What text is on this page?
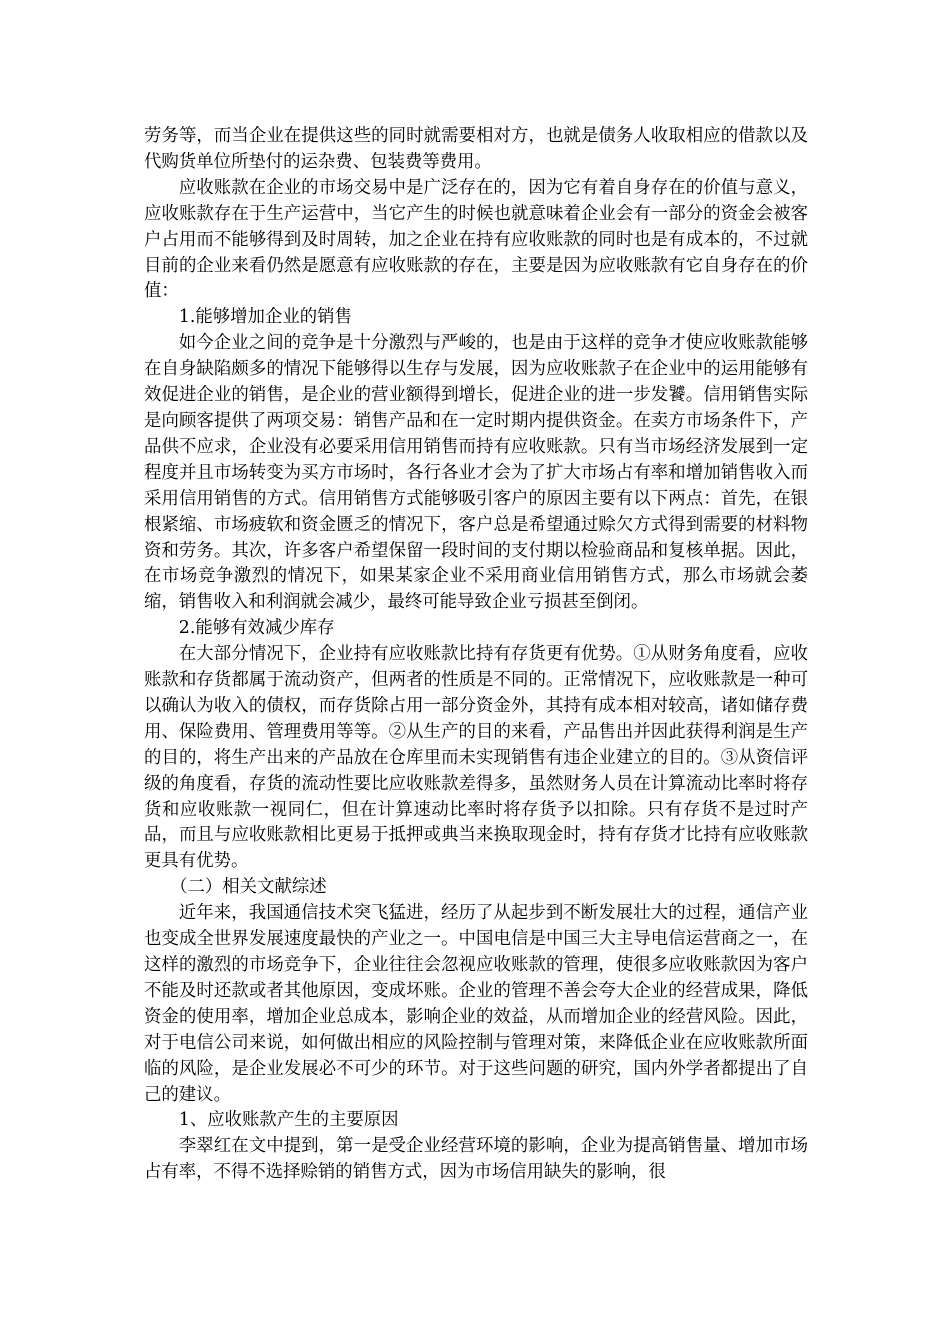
劳务等，而当企业在提供这些的同时就需要相对方，也就是债务人收取相应的借款以及代购货单位所垫付的运杂费、包装费等费用。

应收账款在企业的市场交易中是广泛存在的，因为它有着自身存在的价值与意义，应收账款存在于生产运营中，当它产生的时候也就意味着企业会有一部分的资金会被客户占用而不能够得到及时周转，加之企业在持有应收账款的同时也是有成本的，不过就目前的企业来看仍然是愿意有应收账款的存在，主要是因为应收账款有它自身存在的价值：

1.能够增加企业的销售

如今企业之间的竞争是十分激烈与严峻的，也是由于这样的竞争才使应收账款能够在自身缺陷颇多的情况下能够得以生存与发展，因为应收账款子在企业中的运用能够有效促进企业的销售，是企业的营业额得到增长，促进企业的进一步发饕。信用销售实际是向顾客提供了两项交易：销售产品和在一定时期内提供资金。在卖方市场条件下，产品供不应求，企业没有必要采用信用销售而持有应收账款。只有当市场经济发展到一定程度并且市场转变为买方市场时，各行各业才会为了扩大市场占有率和增加销售收入而采用信用销售的方式。信用销售方式能够吸引客户的原因主要有以下两点：首先，在银根紧缩、市场疲软和资金匮乏的情况下，客户总是希望通过赊欠方式得到需要的材料物资和劳务。其次，许多客户希望保留一段时间的支付期以检验商品和复核单据。因此，在市场竞争激烈的情况下，如果某家企业不采用商业信用销售方式，那么市场就会萎缩，销售收入和利润就会减少，最终可能导致企业亏损甚至倒闭。

2.能够有效减少库存

在大部分情况下，企业持有应收账款比持有存货更有优势。①从财务角度看，应收账款和存货都属于流动资产，但两者的性质是不同的。正常情况下，应收账款是一种可以确认为收入的债权，而存货除占用一部分资金外，其持有成本相对较高，诸如储存费用、保险费用、管理费用等等。②从生产的目的来看，产品售出并因此获得利润是生产的目的，将生产出来的产品放在仓库里而未实现销售有违企业建立的目的。③从资信评级的角度看，存货的流动性要比应收账款差得多，虽然财务人员在计算流动比率时将存货和应收账款一视同仁，但在计算速动比率时将存货予以扣除。只有存货不是过时产品，而且与应收账款相比更易于抵押或典当来换取现金时，持有存货才比持有应收账款更具有优势。

（二）相关文献综述

近年来，我国通信技术突飞猛进，经历了从起步到不断发展壮大的过程，通信产业也变成全世界发展速度最快的产业之一。中国电信是中国三大主导电信运营商之一，在这样的激烈的市场竞争下，企业往往会忽视应收账款的管理，使很多应收账款因为客户不能及时还款或者其他原因，变成坏账。企业的管理不善会夸大企业的经营成果，降低资金的使用率，增加企业总成本，影响企业的效益，从而增加企业的经营风险。因此，对于电信公司来说，如何做出相应的风险控制与管理对策，来降低企业在应收账款所面临的风险，是企业发展必不可少的环节。对于这些问题的研究，国内外学者都提出了自己的建议。

1、应收账款产生的主要原因

李翠红在文中提到，第一是受企业经营环境的影响，企业为提高销售量、增加市场占有率，不得不选择赊销的销售方式，因为市场信用缺失的影响，很
